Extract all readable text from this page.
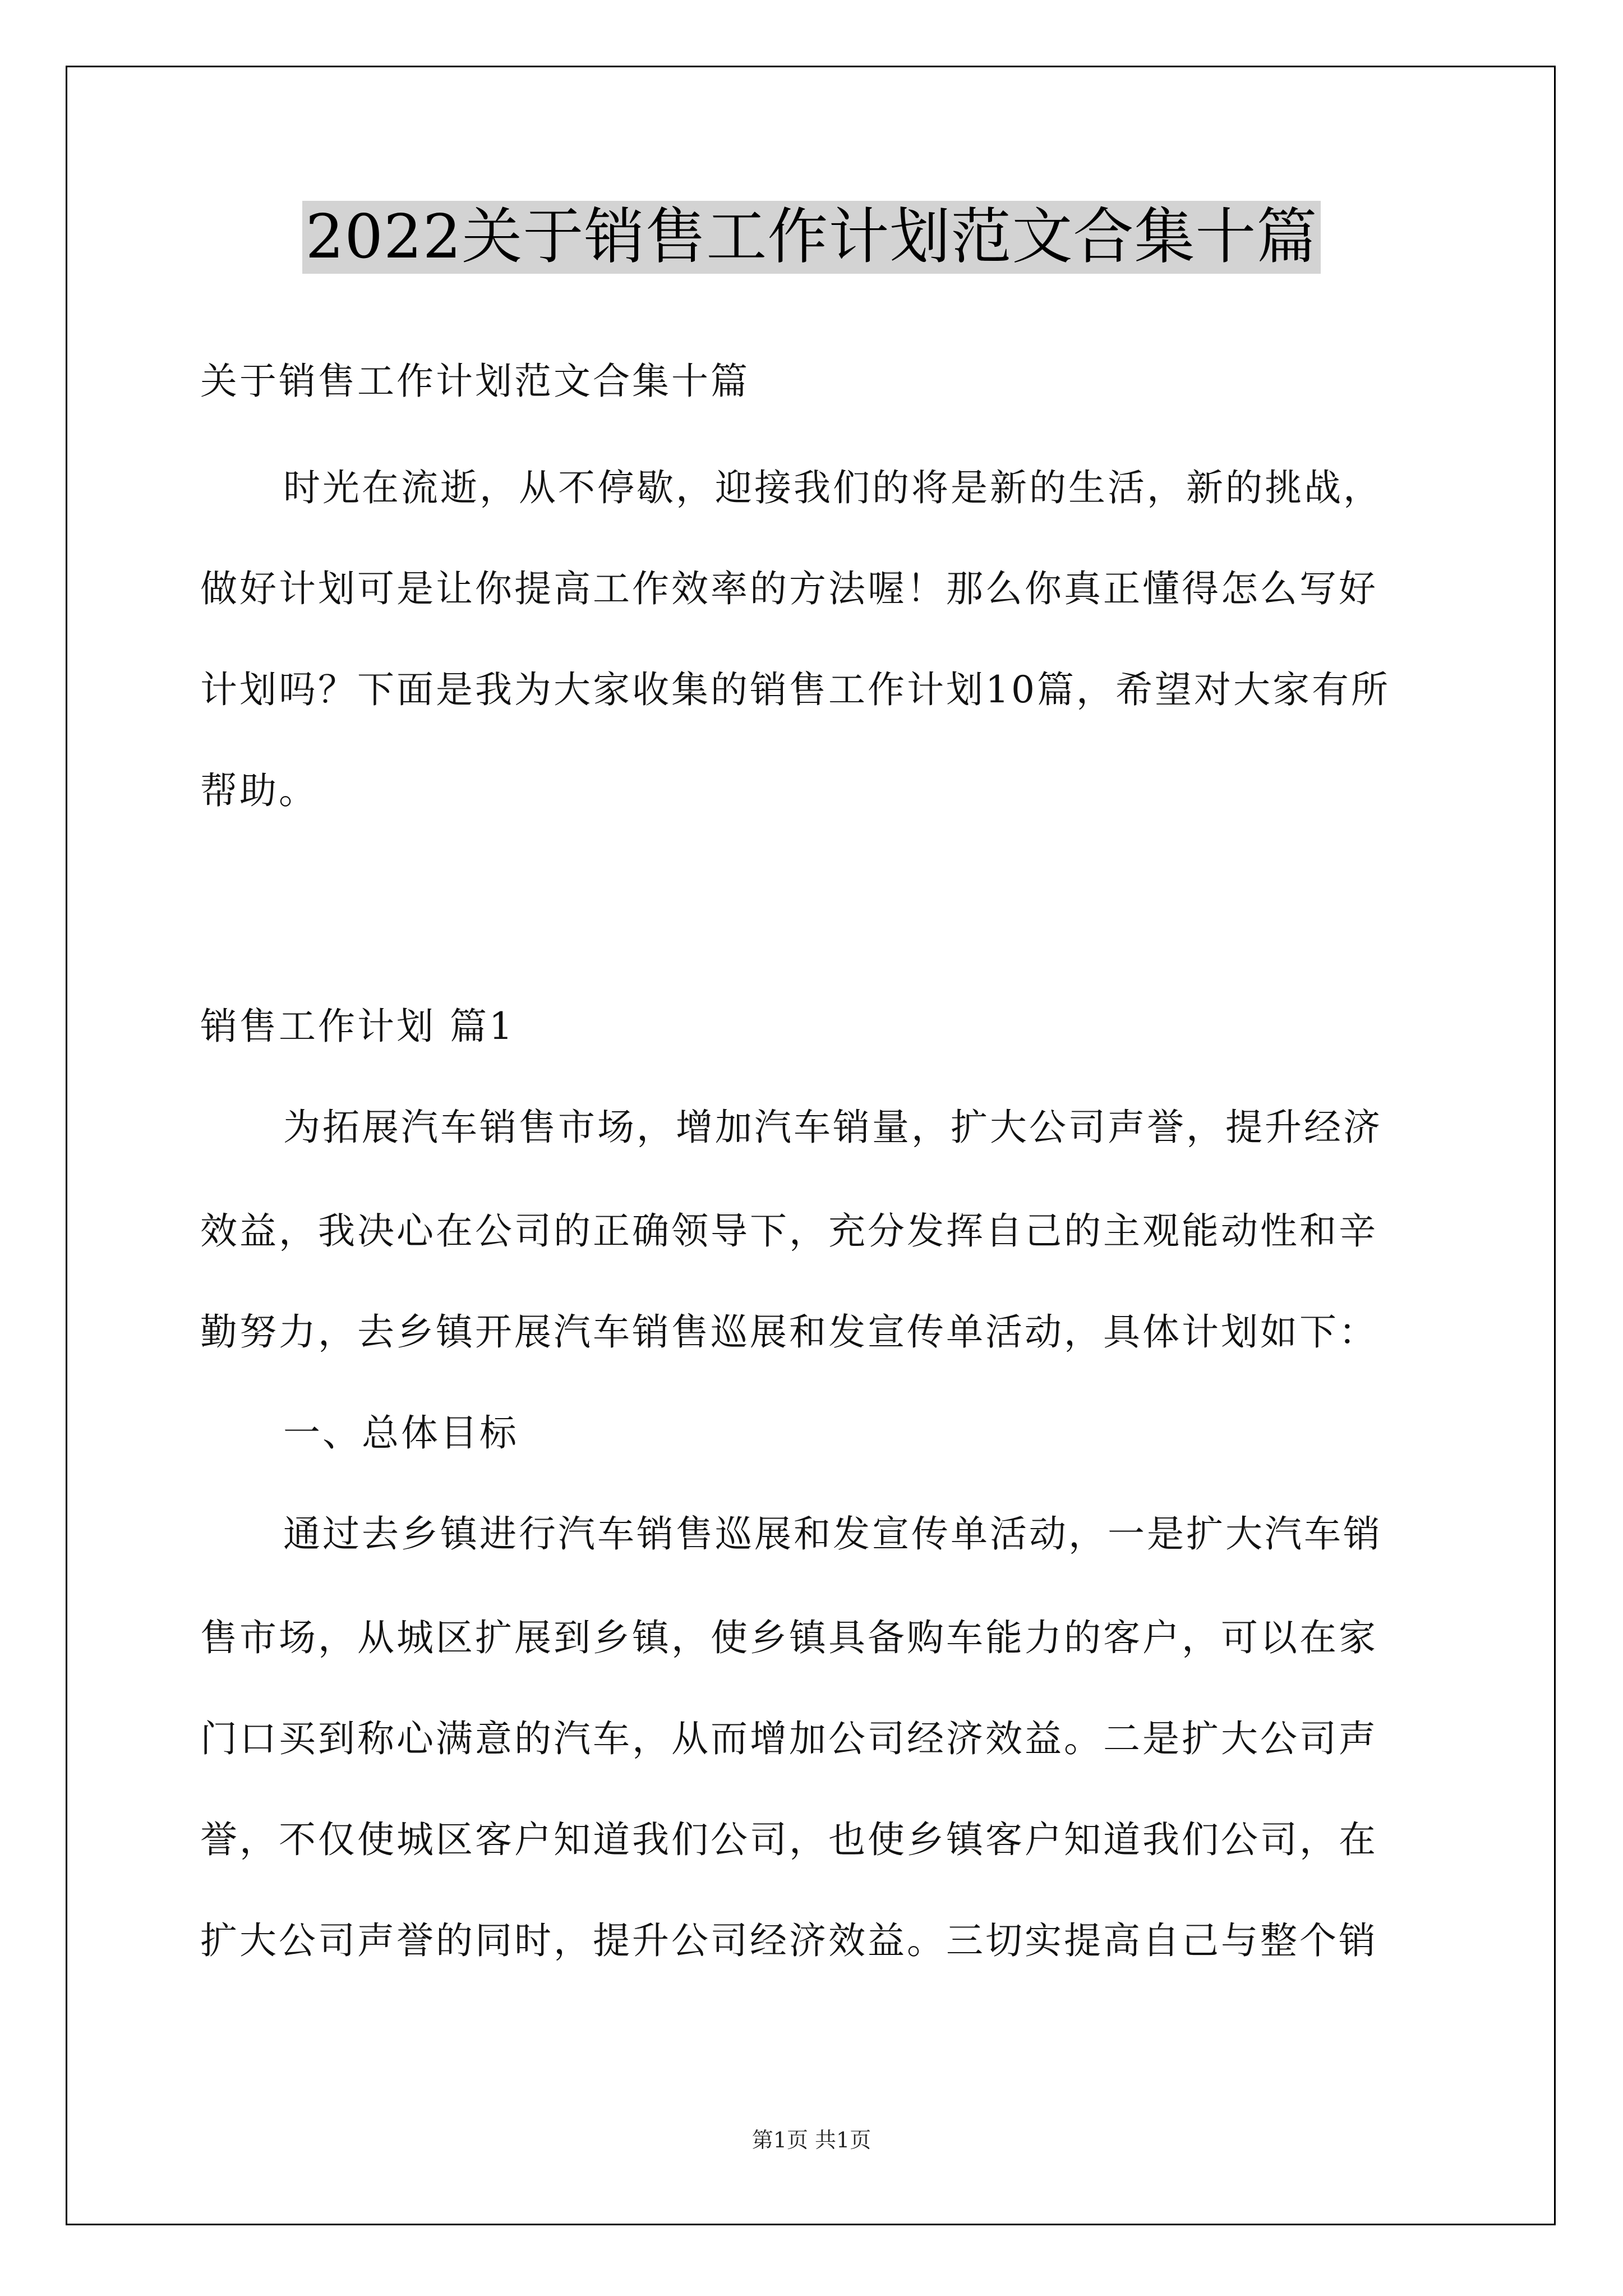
2022关于销售工作计划范文合集十篇
关于销售工作计划范文合集十篇
时光在流逝，从不停歇，迎接我们的将是新的生活，新的挑战，
做好计划可是让你提高工作效率的方法喔！那么你真正懂得怎么写好
计划吗？下面是我为大家收集的销售工作计划10篇，希望对大家有所
帮助。
销售工作计划 篇1
为拓展汽车销售市场，增加汽车销量，扩大公司声誉，提升经济
效益，我决心在公司的正确领导下，充分发挥自己的主观能动性和辛
勤努力，去乡镇开展汽车销售巡展和发宣传单活动，具体计划如下：
一、总体目标
通过去乡镇进行汽车销售巡展和发宣传单活动，一是扩大汽车销
售市场，从城区扩展到乡镇，使乡镇具备购车能力的客户，可以在家
门口买到称心满意的汽车，从而增加公司经济效益。二是扩大公司声
誉，不仅使城区客户知道我们公司，也使乡镇客户知道我们公司，在
扩大公司声誉的同时，提升公司经济效益。三切实提高自己与整个销
第1页 共1页
